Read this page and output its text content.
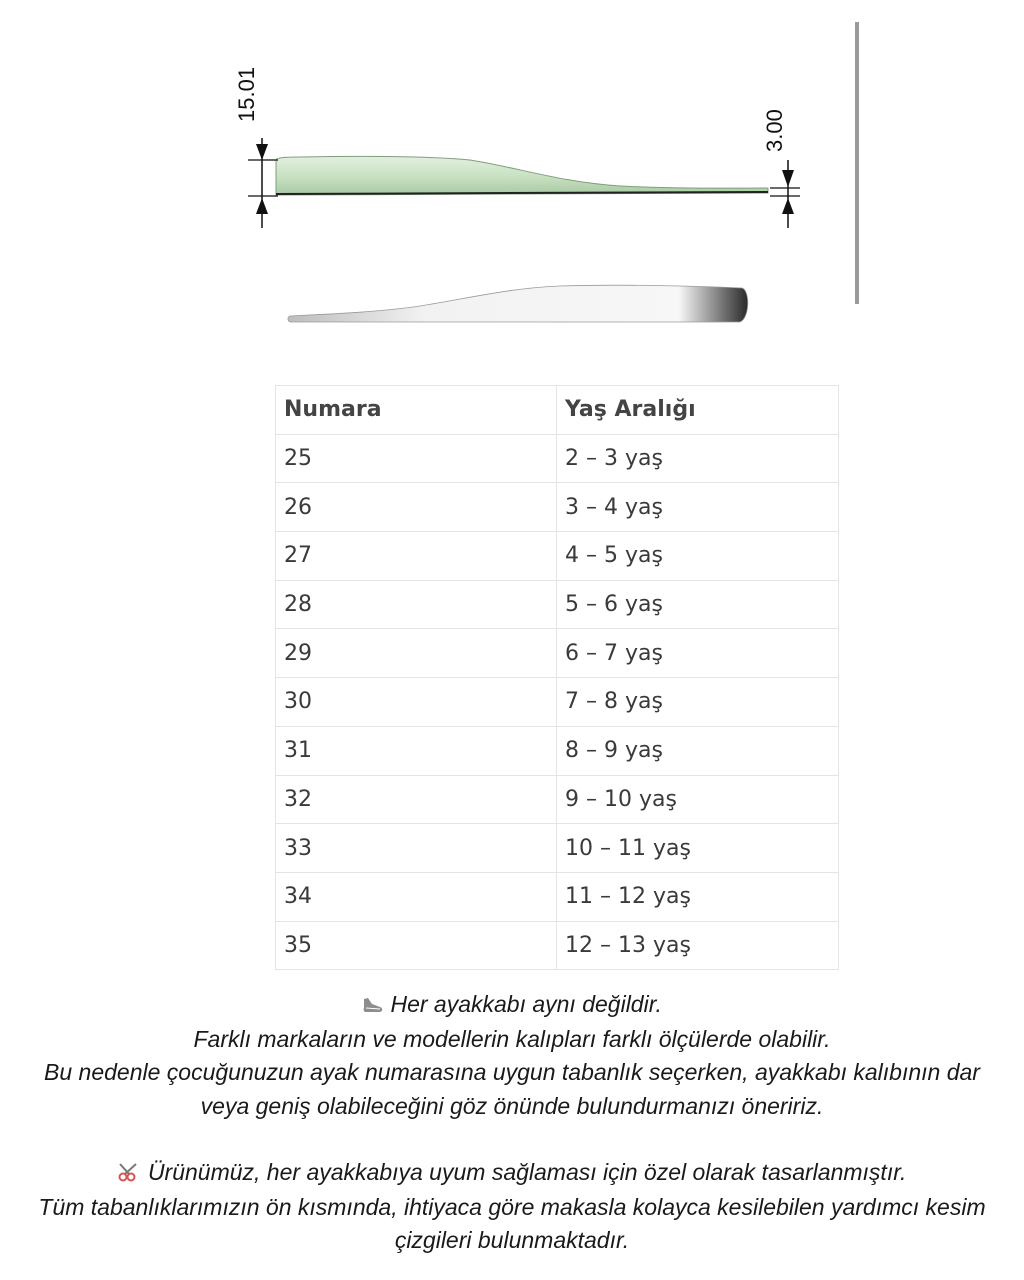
15.01
3.00
Numara	Yaş Aralığı
25	2 – 3 yaş
26	3 – 4 yaş
27	4 – 5 yaş
28	5 – 6 yaş
29	6 – 7 yaş
30	7 – 8 yaş
31	8 – 9 yaş
32	9 – 10 yaş
33	10 – 11 yaş
34	11 – 12 yaş
35	12 – 13 yaş

Her ayakkabı aynı değildir.

Farklı markaların ve modellerin kalıpları farklı ölçülerde olabilir.

Bu nedenle çocuğunuzun ayak numarasına uygun tabanlık seçerken, ayakkabı kalıbının dar

veya geniş olabileceğini göz önünde bulundurmanızı öneririz.

Ürünümüz, her ayakkabıya uyum sağlaması için özel olarak tasarlanmıştır.

Tüm tabanlıklarımızın ön kısmında, ihtiyaca göre makasla kolayca kesilebilen yardımcı kesim

çizgileri bulunmaktadır.
